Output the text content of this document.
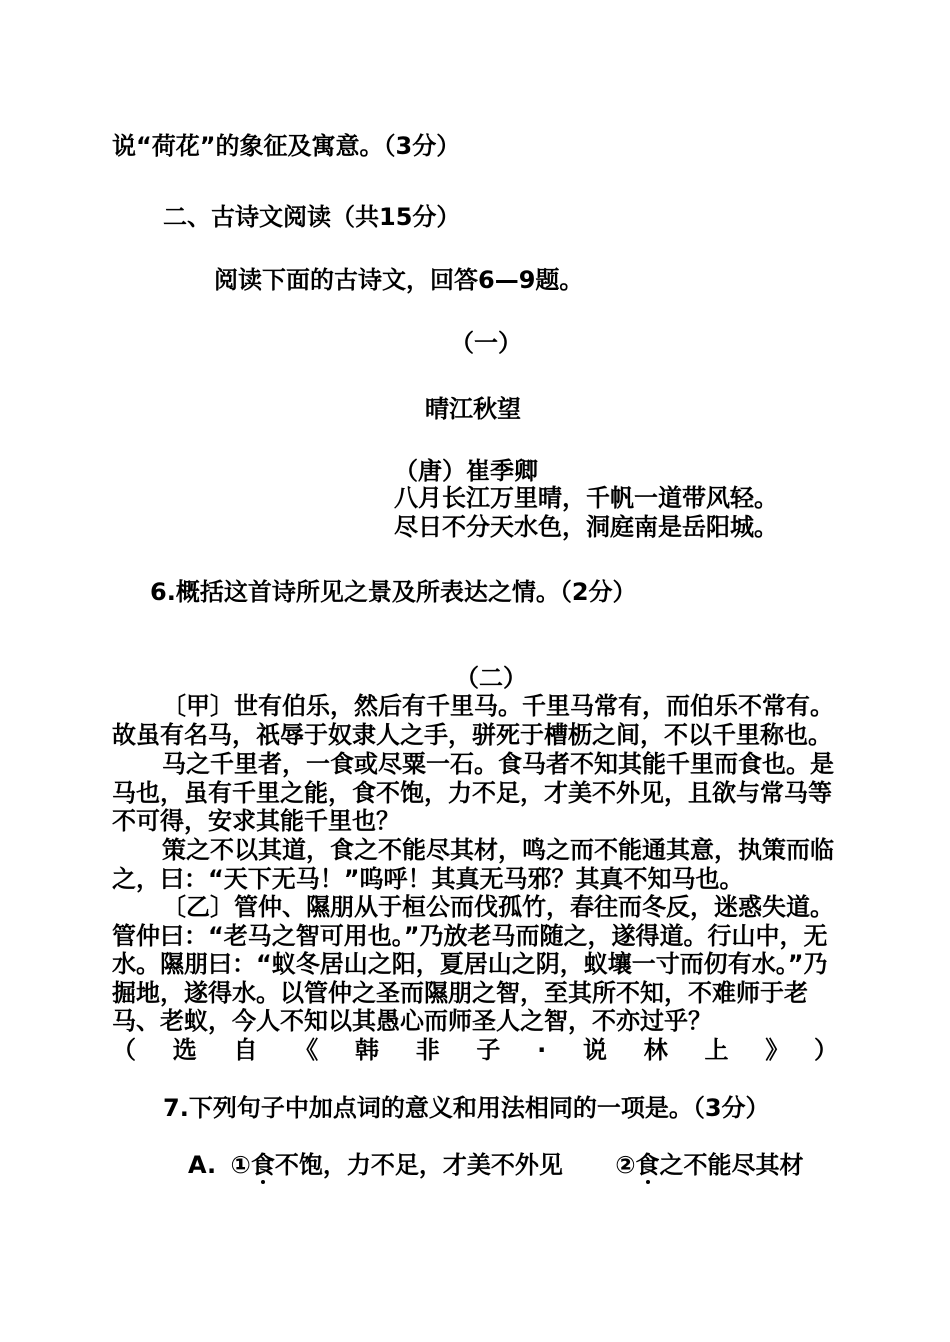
说“荷花”的象征及寓意。（3分）
二、古诗文阅读（共15分）
阅读下面的古诗文，回答6—9题。
（一）
晴江秋望
（唐）崔季卿
八月长江万里晴，千帆一道带风轻。
尽日不分天水色，洞庭南是岳阳城。
6.概括这首诗所见之景及所表达之情。（2分）
（二）
〔甲〕世有伯乐，然后有千里马。千里马常有，而伯乐不常有。故虽有名马，祇辱于奴隶人之手，骈死于槽枥之间，不以千里称也。
马之千里者，一食或尽粟一石。食马者不知其能千里而食也。是马也，虽有千里之能，食不饱，力不足，才美不外见，且欲与常马等不可得，安求其能千里也？
策之不以其道，食之不能尽其材，鸣之而不能通其意，执策而临之，曰：“天下无马！”呜呼！其真无马邪？其真不知马也。
〔乙〕管仲、隰朋从于桓公而伐孤竹，春往而冬反，迷惑失道。管仲曰：“老马之智可用也。”乃放老马而随之，遂得道。行山中，无水。隰朋曰：“蚁冬居山之阳，夏居山之阴，蚁壤一寸而仞有水。”乃掘地，遂得水。以管仲之圣而隰朋之智，至其所不知，不难师于老马、老蚁，今人不知以其愚心而师圣人之智，不亦过乎？
（选自《韩非子·说林上》）
7.下列句子中加点词的意义和用法相同的一项是。（3分）
A. ①食不饱，力不足，才美不外见 ②食之不能尽其材
